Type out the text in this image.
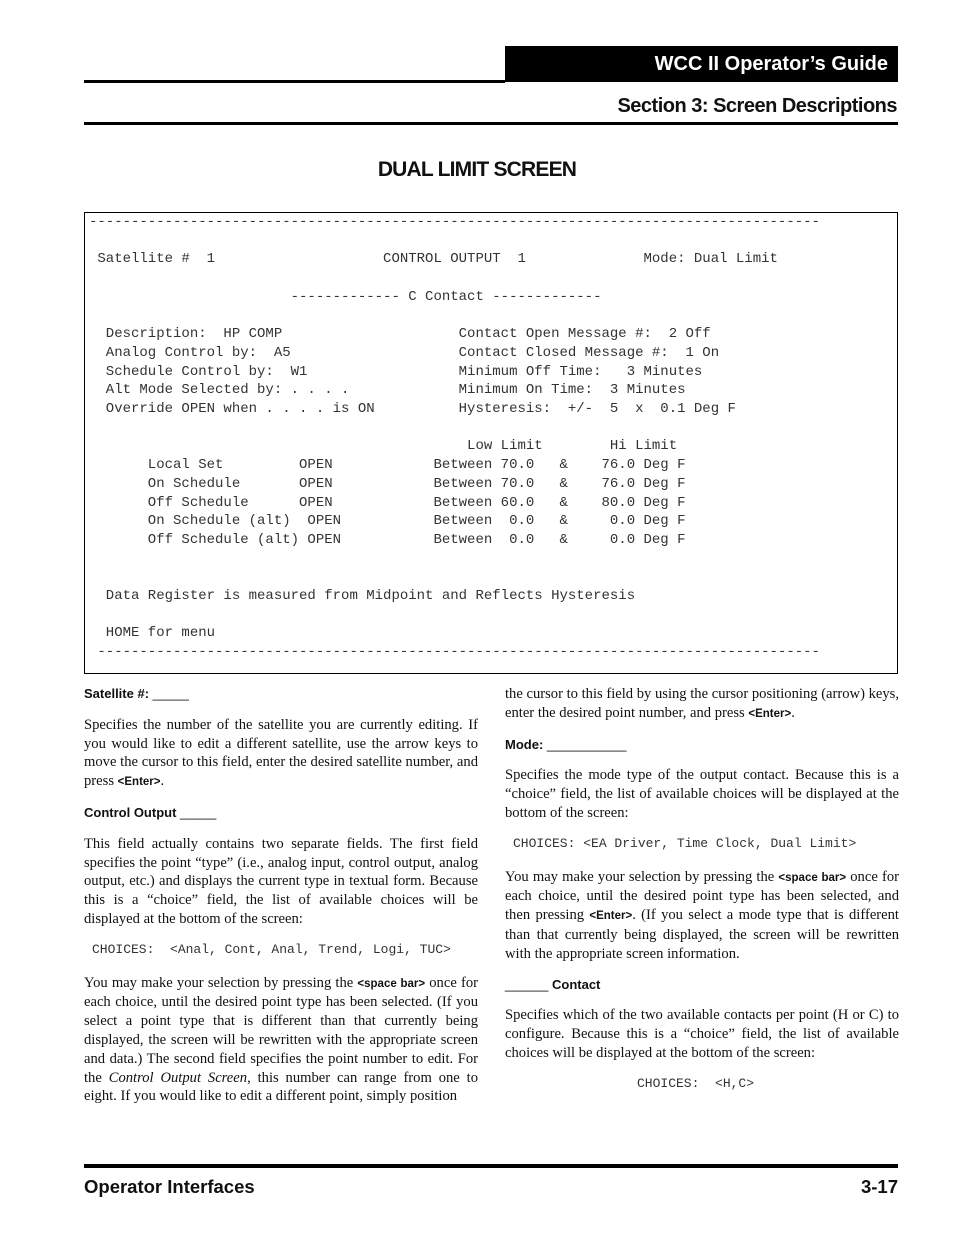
WCC II Operator’s Guide
Section 3: Screen Descriptions
DUAL LIMIT SCREEN
---------------------------------------------------------------------------------------

Satellite #  1                    CONTROL OUTPUT  1              Mode: Dual Limit

------------- C Contact -------------

Description:  HP COMP                     Contact Open Message #:  2 Off
Analog Control by:  A5                    Contact Closed Message #:  1 On
Schedule Control by:  W1                  Minimum Off Time:   3 Minutes
Alt Mode Selected by: . . . .             Minimum On Time:  3 Minutes
Override OPEN when . . . . is ON          Hysteresis:  +/-  5  x  0.1 Deg F

Low Limit        Hi Limit
Local Set         OPEN            Between 70.0   &    76.0 Deg F
On Schedule       OPEN            Between 70.0   &    76.0 Deg F
Off Schedule      OPEN            Between 60.0   &    80.0 Deg F
On Schedule (alt)  OPEN           Between  0.0   &     0.0 Deg F
Off Schedule (alt) OPEN           Between  0.0   &     0.0 Deg F

Data Register is measured from Midpoint and Reflects Hysteresis

HOME for menu
--------------------------------------------------------------------------------------
Satellite #: _____

Specifies the number of the satellite you are currently editing. If you would like to edit a different satellite, use the arrow keys to move the cursor to this field, enter the desired satellite number, and press <Enter>.

Control Output _____

This field actually contains two separate fields. The first field specifies the point “type” (i.e., analog input, control output, analog output, etc.) and displays the current type in textual form. Because this is a “choice” field, the list of available choices will be displayed at the bottom of the screen:

CHOICES:  <Anal, Cont, Anal, Trend, Logi, TUC>

You may make your selection by pressing the <space bar> once for each choice, until the desired point type has been selected. (If you select a point type that is different than that currently being displayed, the screen will be rewritten with the appropriate screen and data.) The second field specifies the point number to edit. For the Control Output Screen, this number can range from one to eight. If you would like to edit a different point, simply position

the cursor to this field by using the cursor positioning (arrow) keys, enter the desired point number, and press <Enter>.

Mode: ___________

Specifies the mode type of the output contact. Because this is a “choice” field, the list of available choices will be displayed at the bottom of the screen:

CHOICES: <EA Driver, Time Clock, Dual Limit>

You may make your selection by pressing the <space bar> once for each choice, until the desired point type has been selected, and then pressing <Enter>. (If you select a mode type that is different than that currently being displayed, the screen will be rewritten with the appropriate screen information.

______ Contact

Specifies which of the two available contacts per point (H or C) to configure. Because this is a “choice” field, the list of available choices will be displayed at the bottom of the screen:

CHOICES:  <H,C>
Operator Interfaces	3-17
